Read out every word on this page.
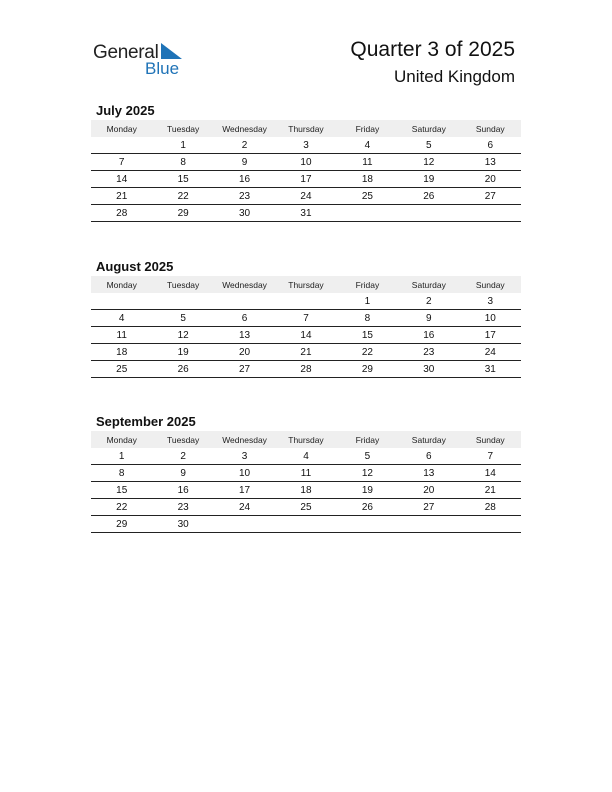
General
Blue
Quarter 3 of 2025
United Kingdom
July 2025
Monday	Tuesday	Wednesday	Thursday	Friday	Saturday	Sunday
	1	2	3	4	5	6
7	8	9	10	11	12	13
14	15	16	17	18	19	20
21	22	23	24	25	26	27
28	29	30	31			
August 2025
Monday	Tuesday	Wednesday	Thursday	Friday	Saturday	Sunday
				1	2	3
4	5	6	7	8	9	10
11	12	13	14	15	16	17
18	19	20	21	22	23	24
25	26	27	28	29	30	31
September 2025
Monday	Tuesday	Wednesday	Thursday	Friday	Saturday	Sunday
1	2	3	4	5	6	7
8	9	10	11	12	13	14
15	16	17	18	19	20	21
22	23	24	25	26	27	28
29	30					
